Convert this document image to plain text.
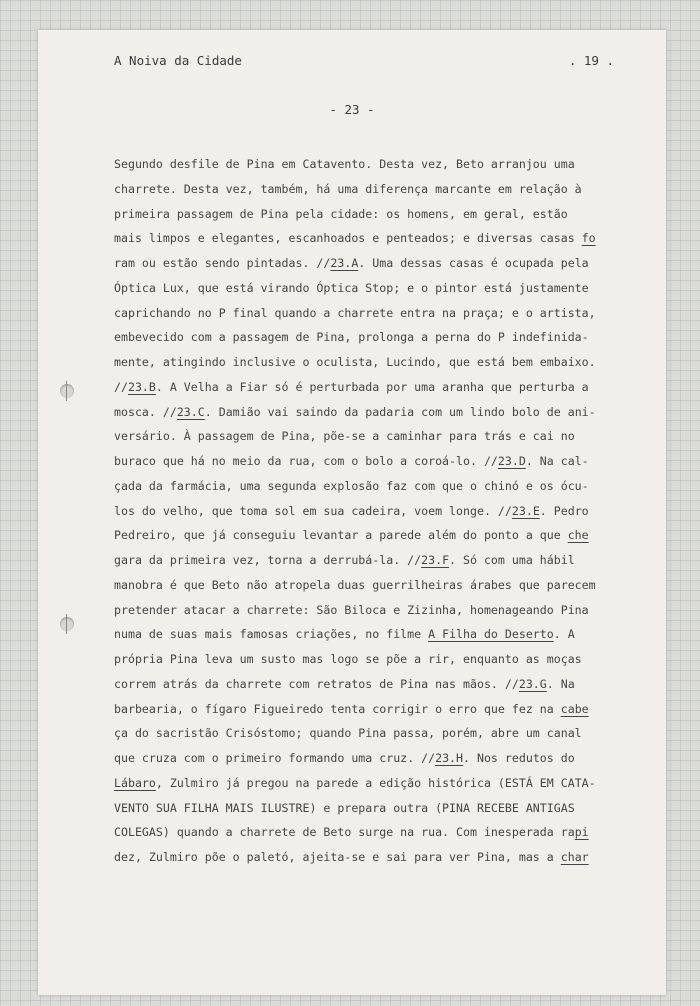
A Noiva da Cidade	. 19 .
- 23 -
Segundo desfile de Pina em Catavento. Desta vez, Beto arranjou uma
charrete. Desta vez, também, há uma diferença marcante em relação à
primeira passagem de Pina pela cidade: os homens, em geral, estão
mais limpos e elegantes, escanhoados e penteados; e diversas casas fo
ram ou estão sendo pintadas. //23.A. Uma dessas casas é ocupada pela
Óptica Lux, que está virando Óptica Stop; e o pintor está justamente
caprichando no P final quando a charrete entra na praça; e o artista,
embevecido com a passagem de Pina, prolonga a perna do P indefinida-
mente, atingindo inclusive o oculista, Lucindo, que está bem embaixo.
//23.B. A Velha a Fiar só é perturbada por uma aranha que perturba a
mosca. //23.C. Damião vai saindo da padaria com um lindo bolo de ani-
versário. À passagem de Pina, põe-se a caminhar para trás e cai no
buraco que há no meio da rua, com o bolo a coroá-lo. //23.D. Na cal-
çada da farmácia, uma segunda explosão faz com que o chinó e os ócu-
los do velho, que toma sol em sua cadeira, voem longe. //23.E. Pedro
Pedreiro, que já conseguiu levantar a parede além do ponto a que che
gara da primeira vez, torna a derrubá-la. //23.F. Só com uma hábil
manobra é que Beto não atropela duas guerrilheiras árabes que parecem
pretender atacar a charrete: São Biloca e Zizinha, homenageando Pina
numa de suas mais famosas criações, no filme A Filha do Deserto. A
própria Pina leva um susto mas logo se põe a rir, enquanto as moças
correm atrás da charrete com retratos de Pina nas mãos. //23.G. Na
barbearia, o fígaro Figueiredo tenta corrigir o erro que fez na cabe
ça do sacristão Crisóstomo; quando Pina passa, porém, abre um canal
que cruza com o primeiro formando uma cruz. //23.H. Nos redutos do
Lábaro, Zulmiro já pregou na parede a edição histórica (ESTÁ EM CATA-
VENTO SUA FILHA MAIS ILUSTRE) e prepara outra (PINA RECEBE ANTIGAS
COLEGAS) quando a charrete de Beto surge na rua. Com inesperada rapi
dez, Zulmiro põe o paletó, ajeita-se e sai para ver Pina, mas a char
